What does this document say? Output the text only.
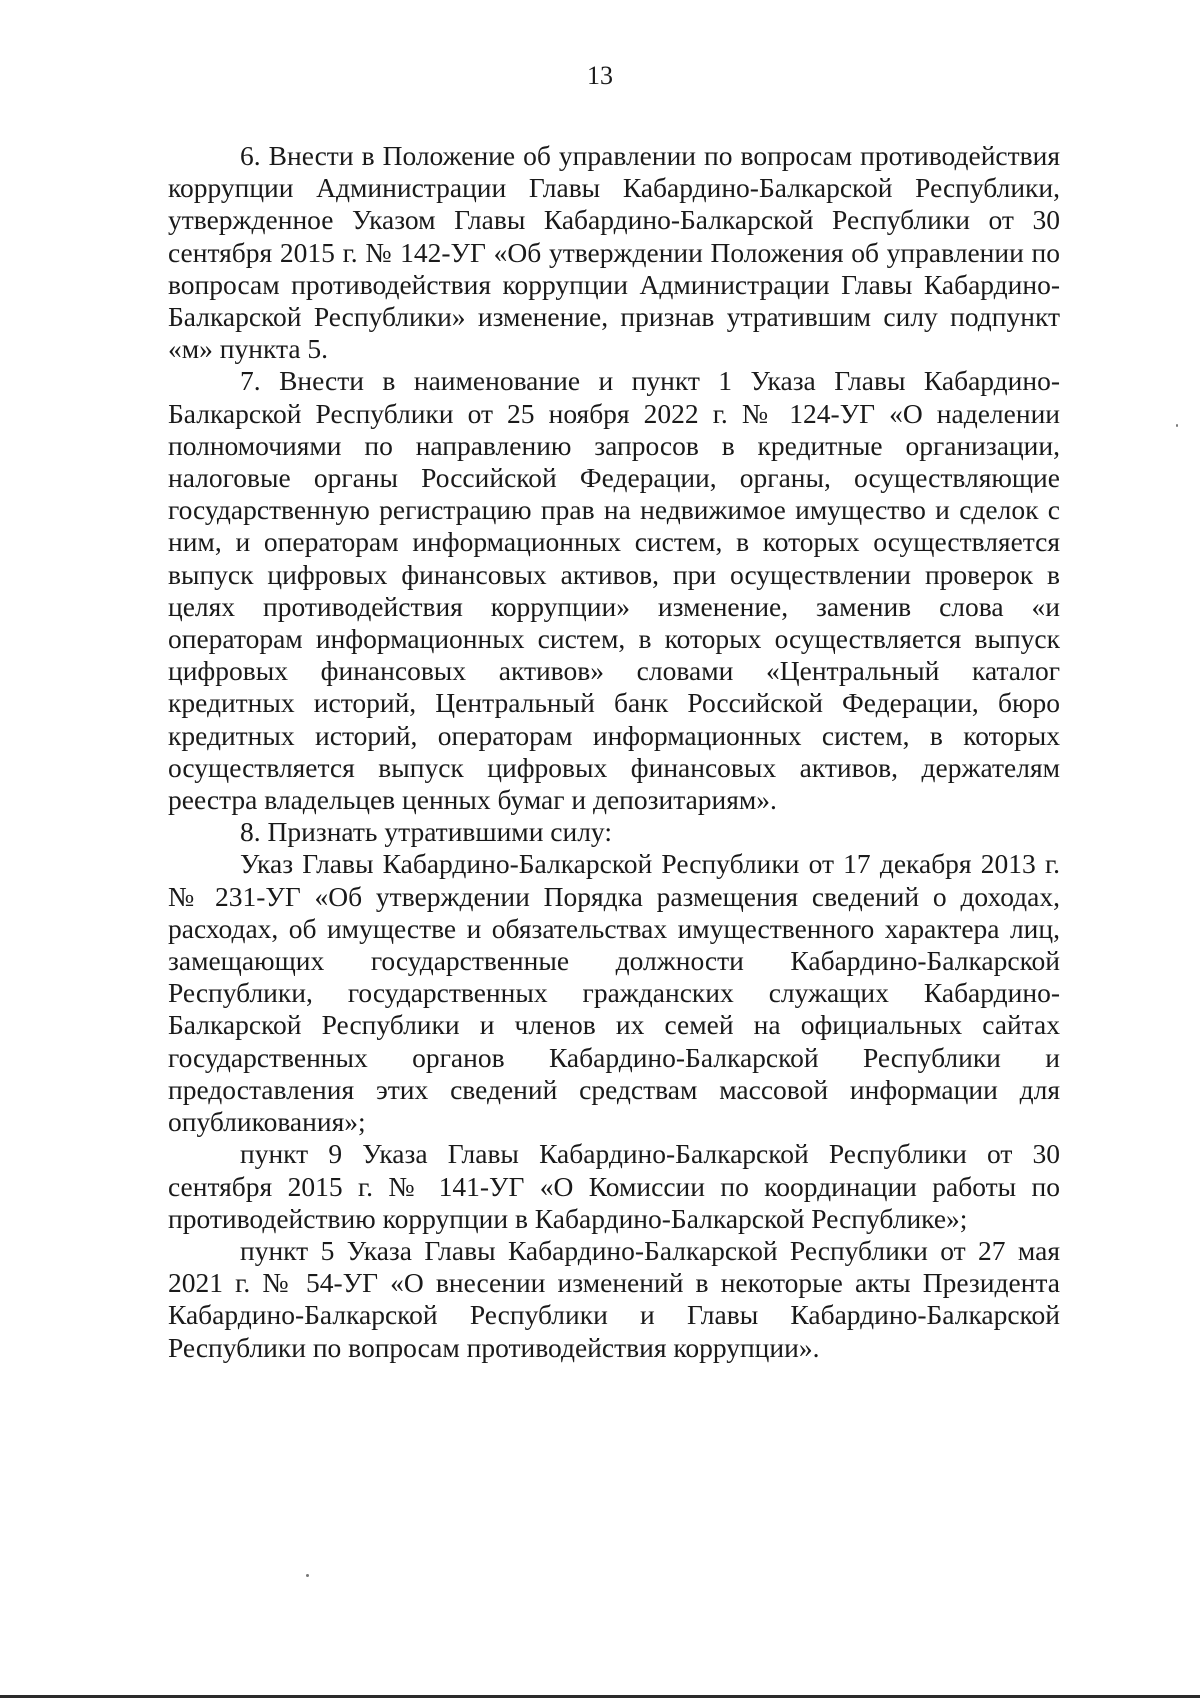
13

6. Внести в Положение об управлении по вопросам противодействия коррупции Администрации Главы Кабардино-Балкарской Республики, утвержденное Указом Главы Кабардино-Балкарской Республики от 30 сентября 2015 г. № 142-УГ «Об утверждении Положения об управлении по вопросам противодействия коррупции Администрации Главы Кабардино-Балкарской Республики» изменение, признав утратившим силу подпункт «м» пункта 5.

7. Внести в наименование и пункт 1 Указа Главы Кабардино-Балкарской Республики от 25 ноября 2022 г. № 124-УГ «О наделении полномочиями по направлению запросов в кредитные организации, налоговые органы Российской Федерации, органы, осуществляющие государственную регистрацию прав на недвижимое имущество и сделок с ним, и операторам информационных систем, в которых осуществляется выпуск цифровых финансовых активов, при осуществлении проверок в целях противодействия коррупции» изменение, заменив слова «и операторам информационных систем, в которых осуществляется выпуск цифровых финансовых активов» словами «Центральный каталог кредитных историй, Центральный банк Российской Федерации, бюро кредитных историй, операторам информационных систем, в которых осуществляется выпуск цифровых финансовых активов, держателям реестра владельцев ценных бумаг и депозитариям».

8. Признать утратившими силу:

Указ Главы Кабардино-Балкарской Республики от 17 декабря 2013 г. № 231-УГ «Об утверждении Порядка размещения сведений о доходах, расходах, об имуществе и обязательствах имущественного характера лиц, замещающих государственные должности Кабардино-Балкарской Республики, государственных гражданских служащих Кабардино-Балкарской Республики и членов их семей на официальных сайтах государственных органов Кабардино-Балкарской Республики и предоставления этих сведений средствам массовой информации для опубликования»;

пункт 9 Указа Главы Кабардино-Балкарской Республики от 30 сентября 2015 г. № 141-УГ «О Комиссии по координации работы по противодействию коррупции в Кабардино-Балкарской Республике»;

пункт 5 Указа Главы Кабардино-Балкарской Республики от 27 мая 2021 г. № 54-УГ «О внесении изменений в некоторые акты Президента Кабардино-Балкарской Республики и Главы Кабардино-Балкарской Республики по вопросам противодействия коррупции».
